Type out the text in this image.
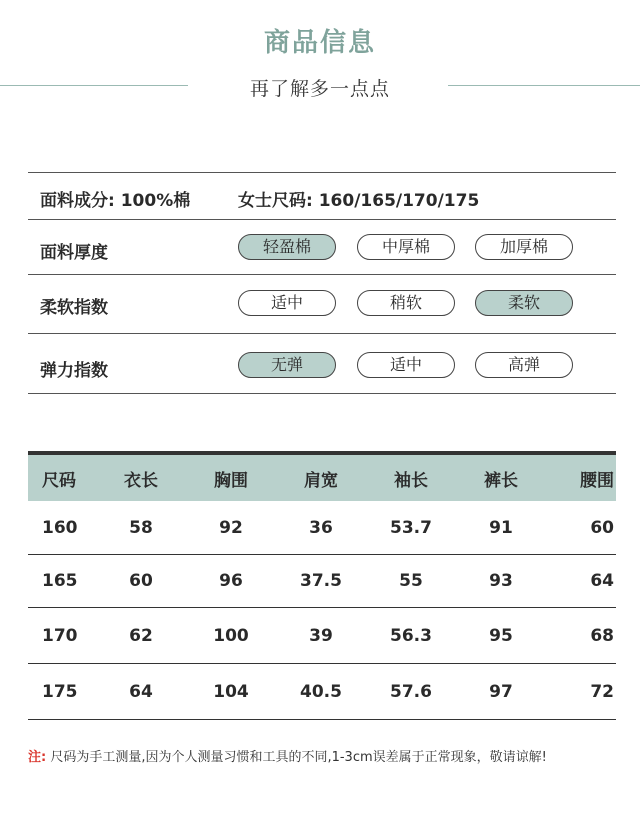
商品信息
再了解多一点点
面料成分: 100%棉	女士尺码: 160/165/170/175
面料厚度	轻盈棉	中厚棉	加厚棉
柔软指数	适中	稍软	柔软
弹力指数	无弹	适中	高弹
尺码	衣长	胸围	肩宽	袖长	裤长	腰围
160	58	92	36	53.7	91	60
165	60	96	37.5	55	93	64
170	62	100	39	56.3	95	68
175	64	104	40.5	57.6	97	72
注: 尺码为手工测量,因为个人测量习惯和工具的不同,1-3cm误差属于正常现象，敬请谅解!
